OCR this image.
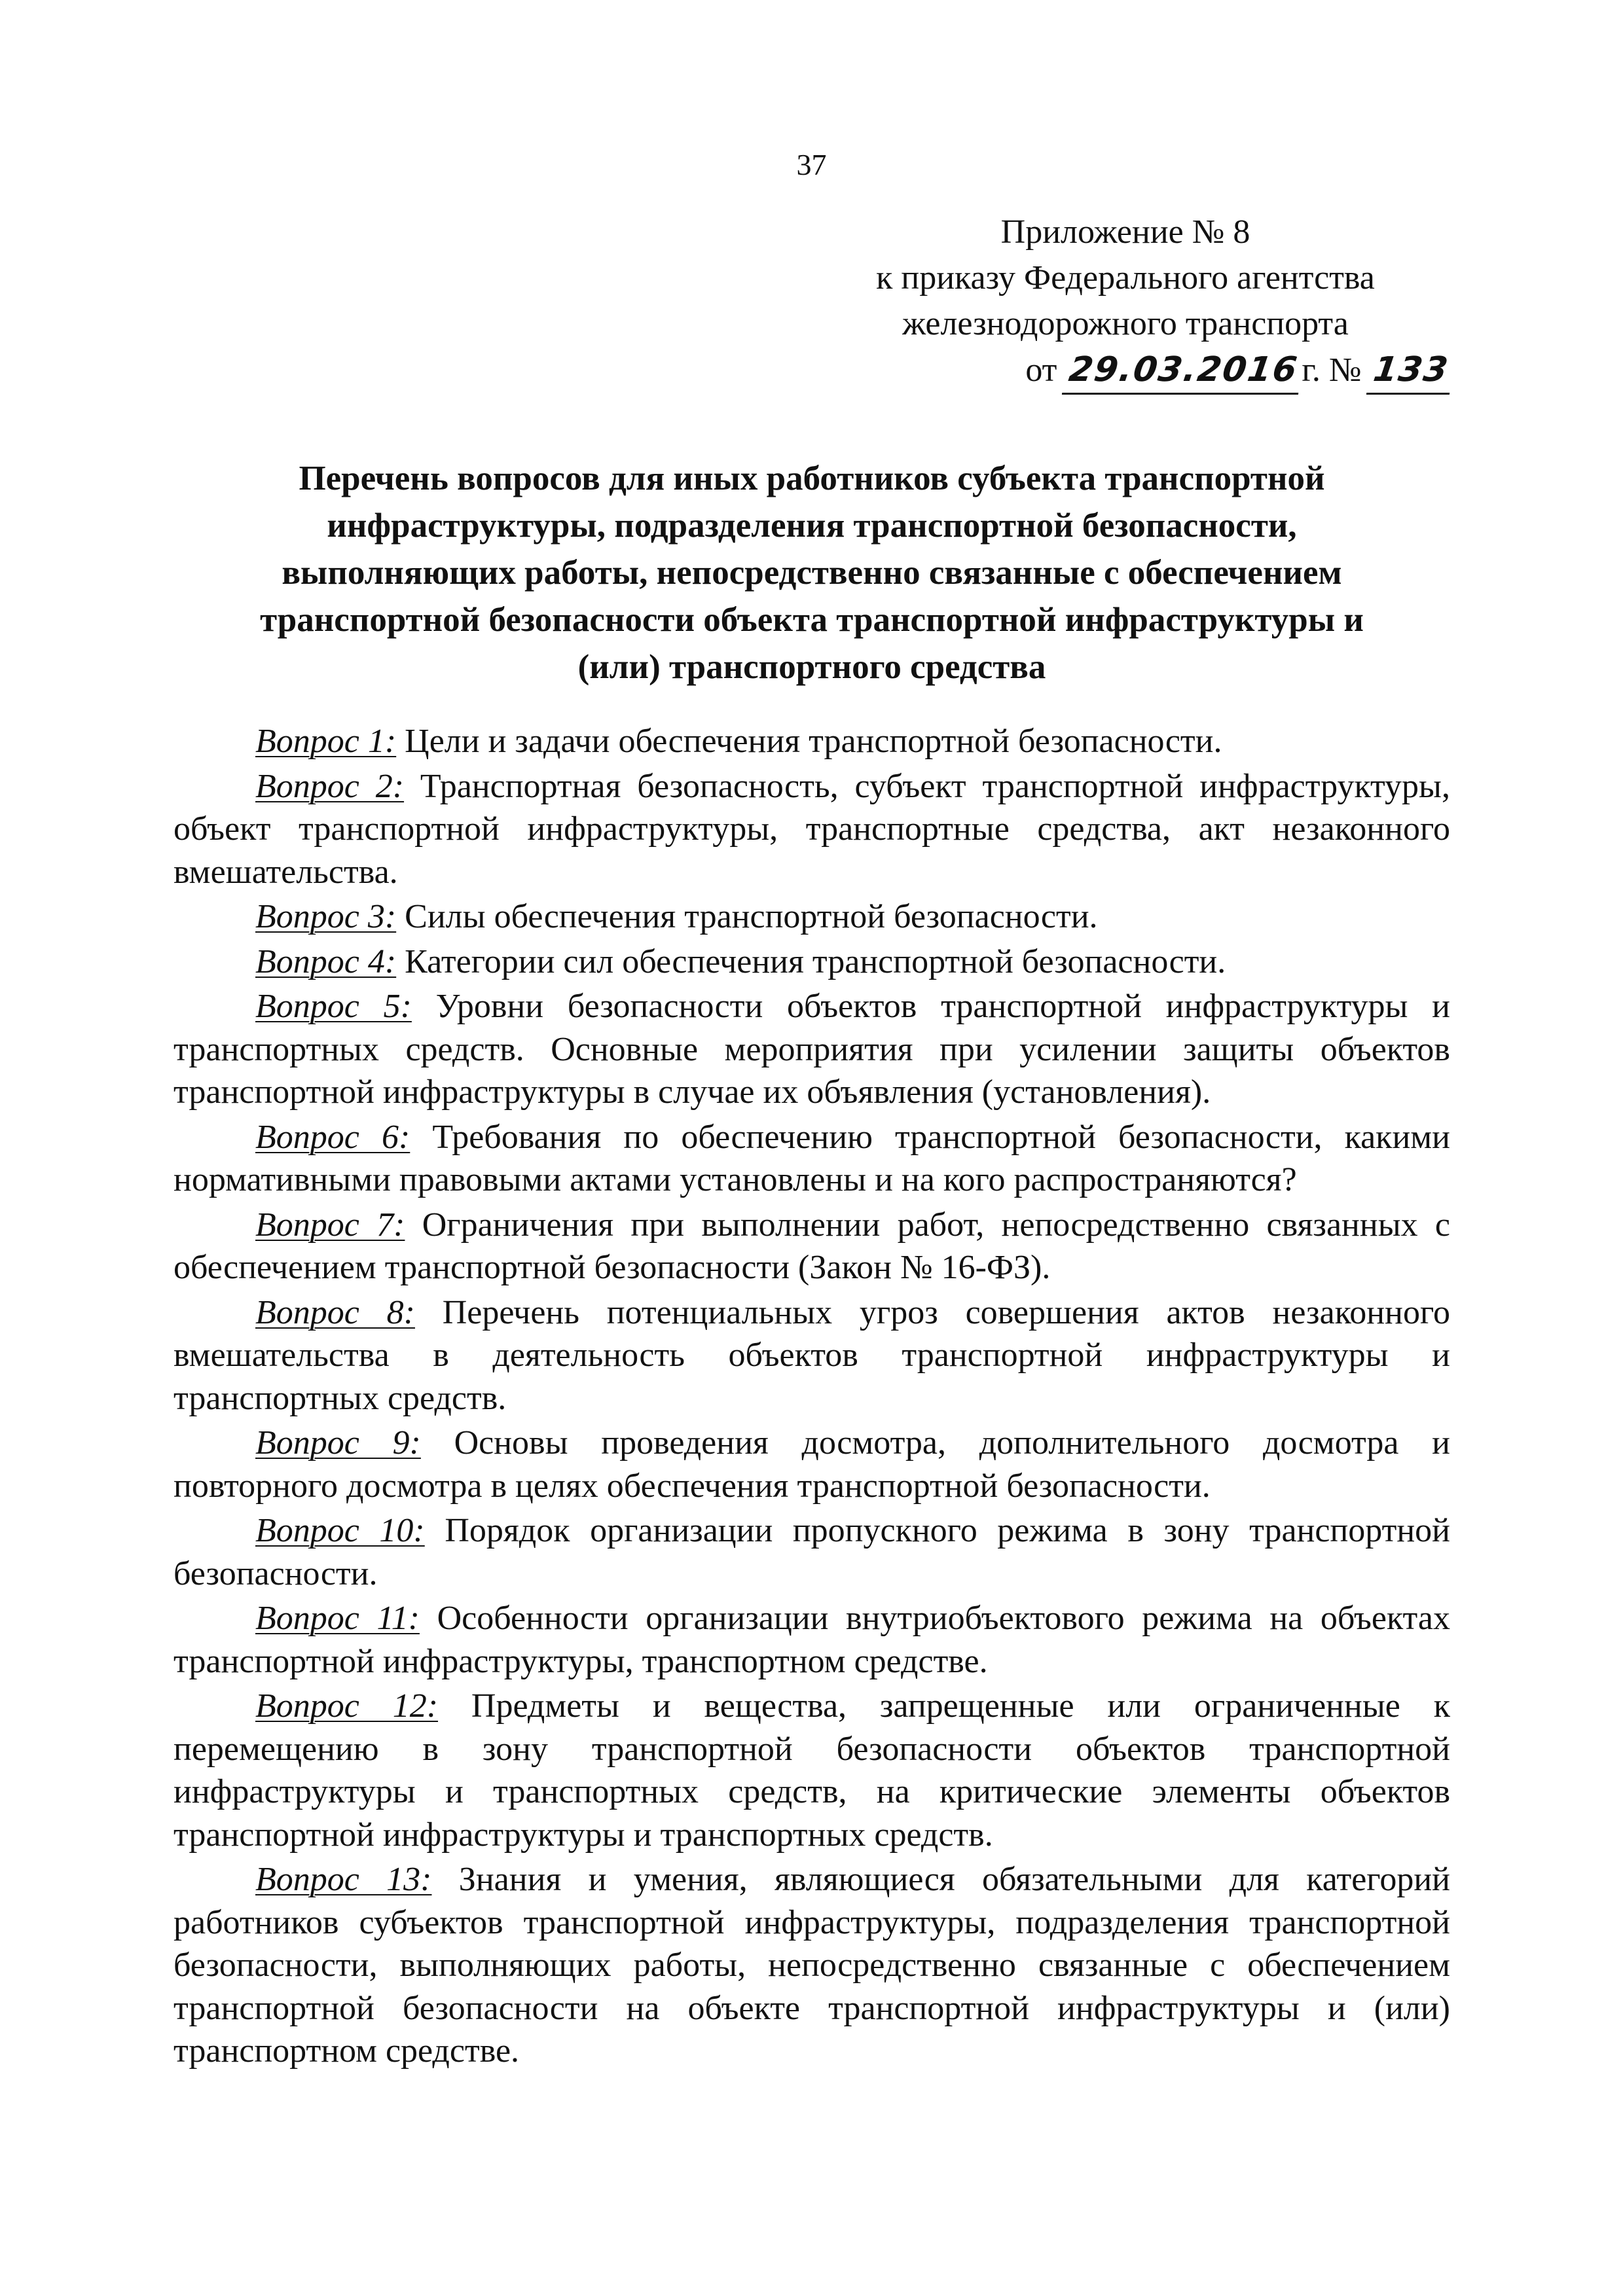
37
Приложение № 8
к приказу Федерального агентства
железнодорожного транспорта
от 29.03.2016г. № 133
Перечень вопросов для иных работников субъекта транспортной
инфраструктуры, подразделения транспортной безопасности,
выполняющих работы, непосредственно связанные с обеспечением
транспортной безопасности объекта транспортной инфраструктуры и
(или) транспортного средства

Вопрос 1: Цели и задачи обеспечения транспортной безопасности.

Вопрос 2: Транспортная безопасность, субъект транспортной инфраструктуры, объект транспортной инфраструктуры, транспортные средства, акт незаконного вмешательства.

Вопрос 3: Силы обеспечения транспортной безопасности.

Вопрос 4: Категории сил обеспечения транспортной безопасности.

Вопрос 5: Уровни безопасности объектов транспортной инфраструктуры и транспортных средств. Основные мероприятия при усилении защиты объектов транспортной инфраструктуры в случае их объявления (установления).

Вопрос 6: Требования по обеспечению транспортной безопасности, какими нормативными правовыми актами установлены и на кого распространяются?

Вопрос 7: Ограничения при выполнении работ, непосредственно связанных с обеспечением транспортной безопасности (Закон № 16-ФЗ).

Вопрос 8: Перечень потенциальных угроз совершения актов незаконного вмешательства в деятельность объектов транспортной инфраструктуры и транспортных средств.

Вопрос 9: Основы проведения досмотра, дополнительного досмотра и повторного досмотра в целях обеспечения транспортной безопасности.

Вопрос 10: Порядок организации пропускного режима в зону транспортной безопасности.

Вопрос 11: Особенности организации внутриобъектового режима на объектах транспортной инфраструктуры, транспортном средстве.

Вопрос 12: Предметы и вещества, запрещенные или ограниченные к перемещению в зону транспортной безопасности объектов транспортной инфраструктуры и транспортных средств, на критические элементы объектов транспортной инфраструктуры и транспортных средств.

Вопрос 13: Знания и умения, являющиеся обязательными для категорий работников субъектов транспортной инфраструктуры, подразделения транспортной безопасности, выполняющих работы, непосредственно связанные с обеспечением транспортной безопасности на объекте транспортной инфраструктуры и (или) транспортном средстве.
